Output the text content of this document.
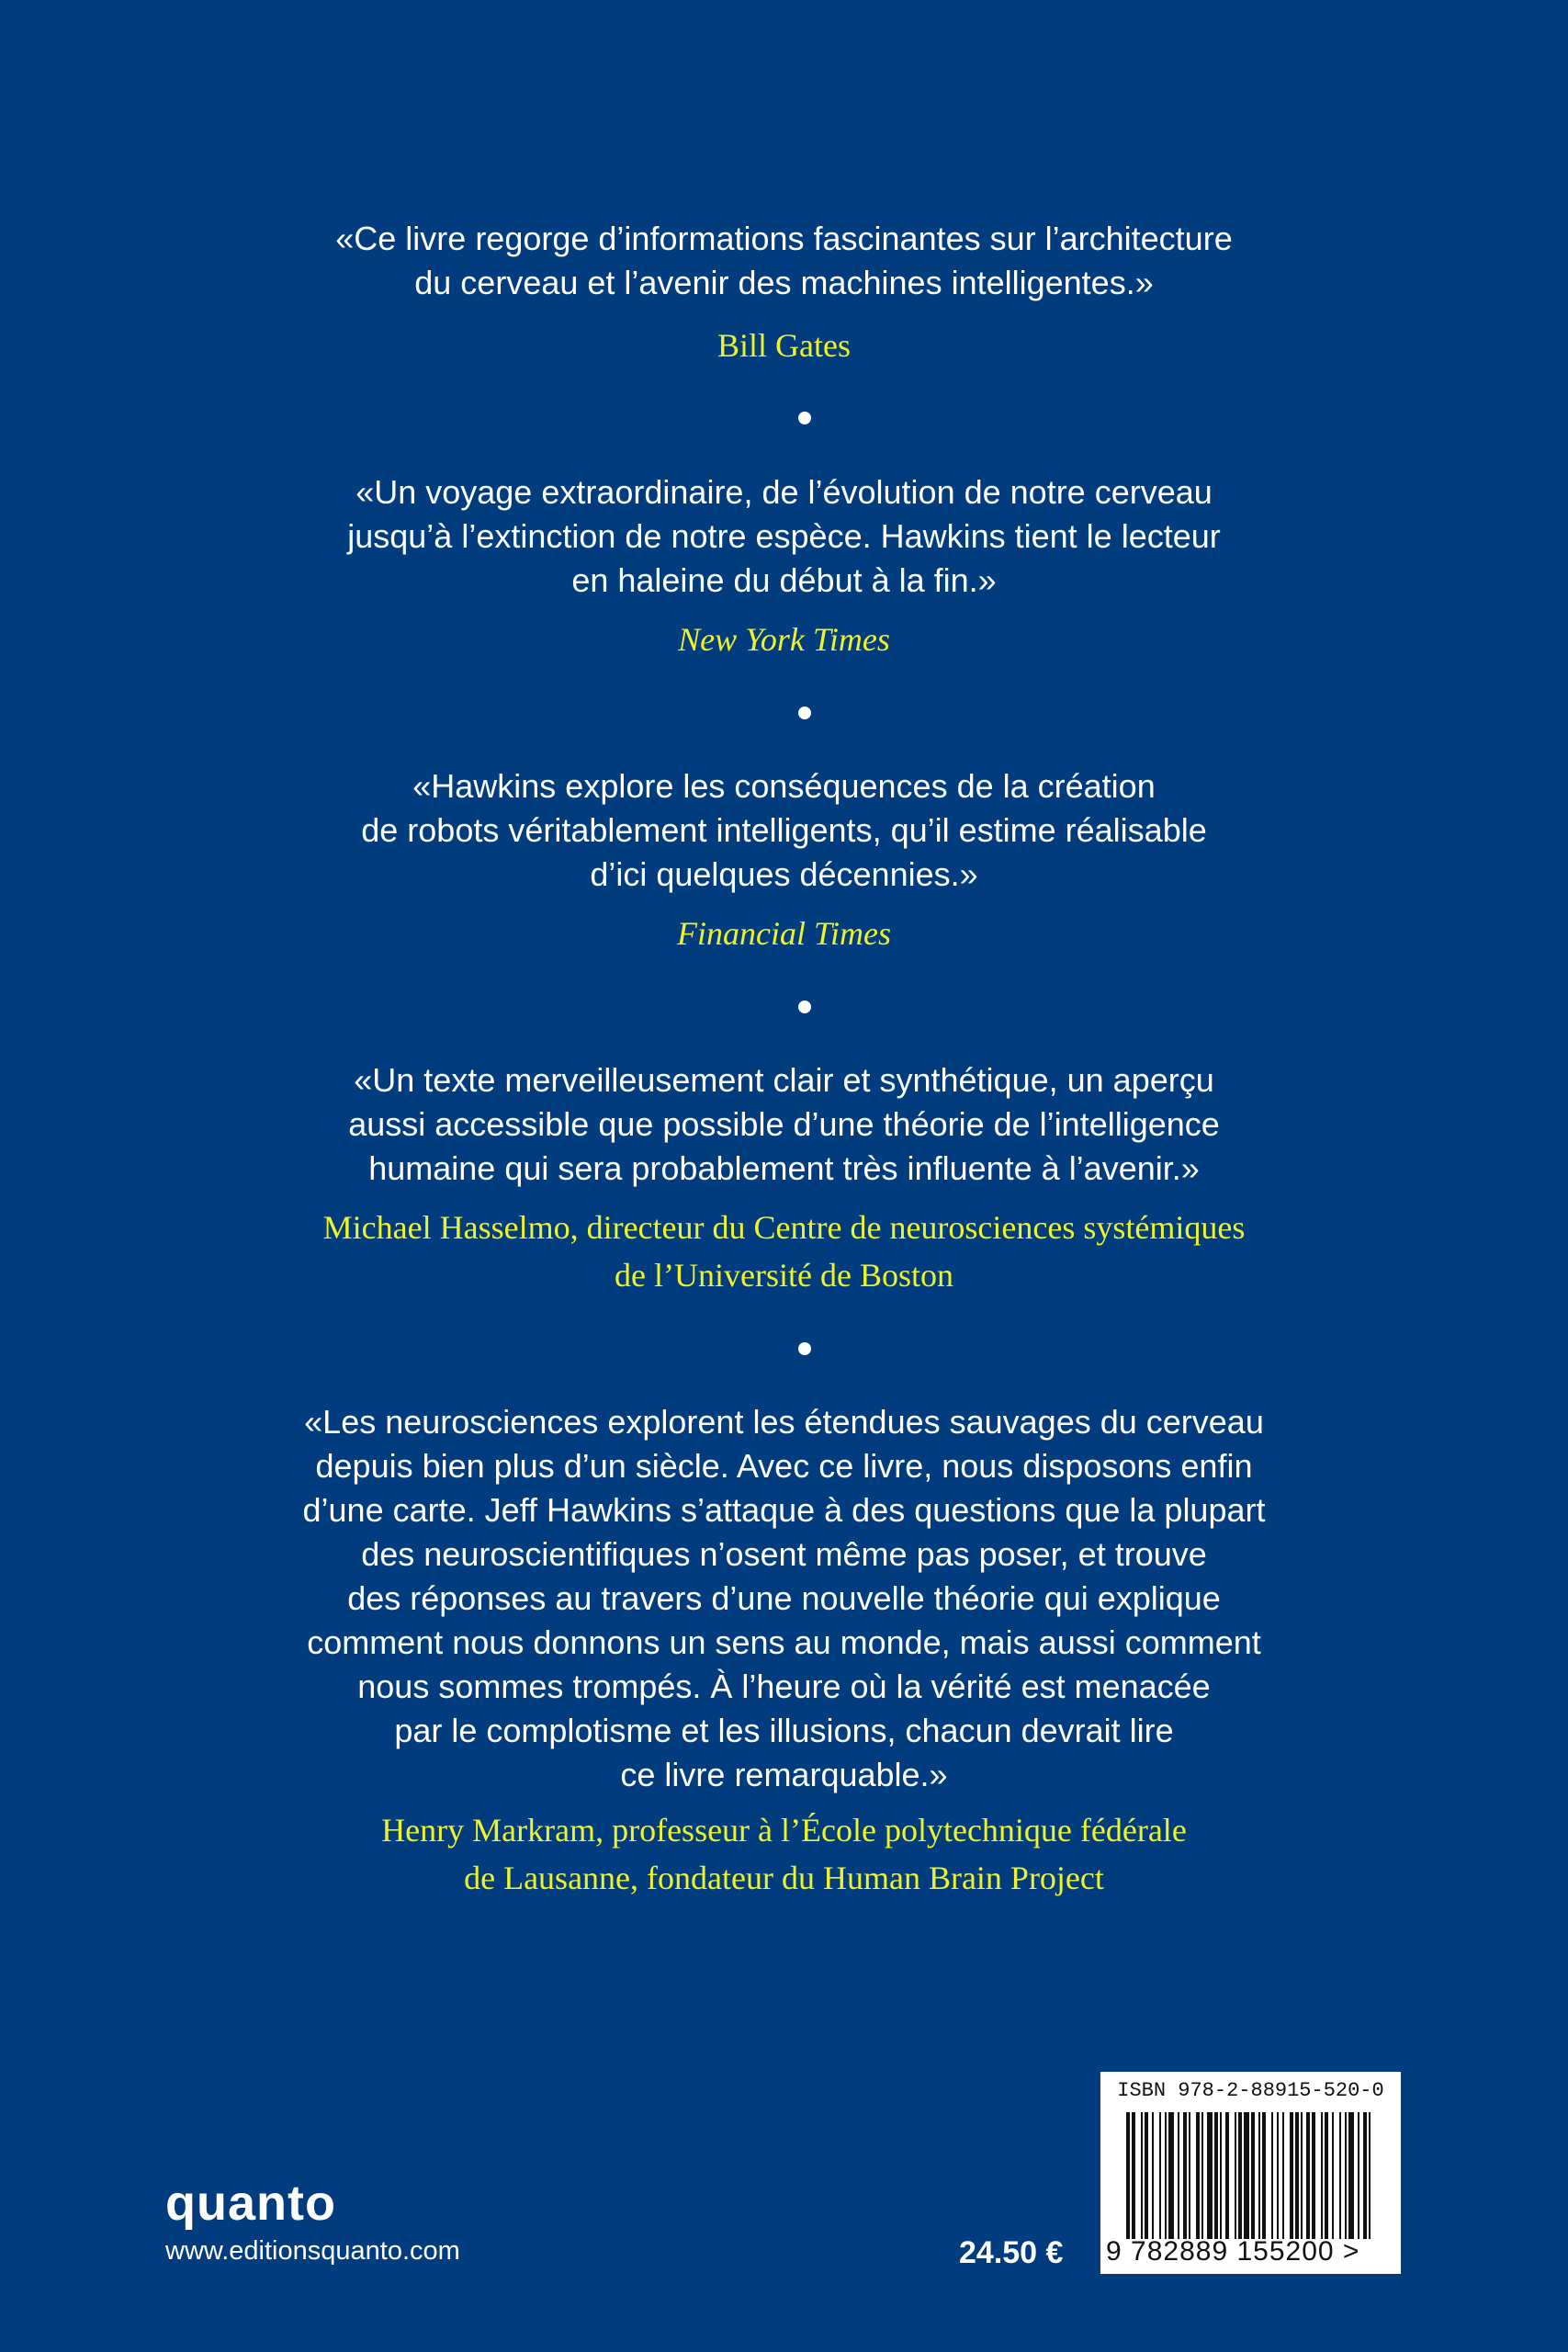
«Ce livre regorge d’informations fascinantes sur l’architecture
du cerveau et l’avenir des machines intelligentes.»
Bill Gates
«Un voyage extraordinaire, de l’évolution de notre cerveau
jusqu’à l’extinction de notre espèce. Hawkins tient le lecteur
en haleine du début à la fin.»
New York Times
«Hawkins explore les conséquences de la création
de robots véritablement intelligents, qu’il estime réalisable
d’ici quelques décennies.»
Financial Times
«Un texte merveilleusement clair et synthétique, un aperçu
aussi accessible que possible d’une théorie de l’intelligence
humaine qui sera probablement très influente à l’avenir.»
Michael Hasselmo, directeur du Centre de neurosciences systémiques
de l’Université de Boston
«Les neurosciences explorent les étendues sauvages du cerveau
depuis bien plus d’un siècle. Avec ce livre, nous disposons enfin
d’une carte. Jeff Hawkins s’attaque à des questions que la plupart
des neuroscientifiques n’osent même pas poser, et trouve
des réponses au travers d’une nouvelle théorie qui explique
comment nous donnons un sens au monde, mais aussi comment
nous sommes trompés. À l’heure où la vérité est menacée
par le complotisme et les illusions, chacun devrait lire
ce livre remarquable.»
Henry Markram, professeur à l’École polytechnique fédérale
de Lausanne, fondateur du Human Brain Project
quanto
www.editionsquanto.com	24.50 €
ISBN 978-2-88915-520-0
9 782889 155200 >
